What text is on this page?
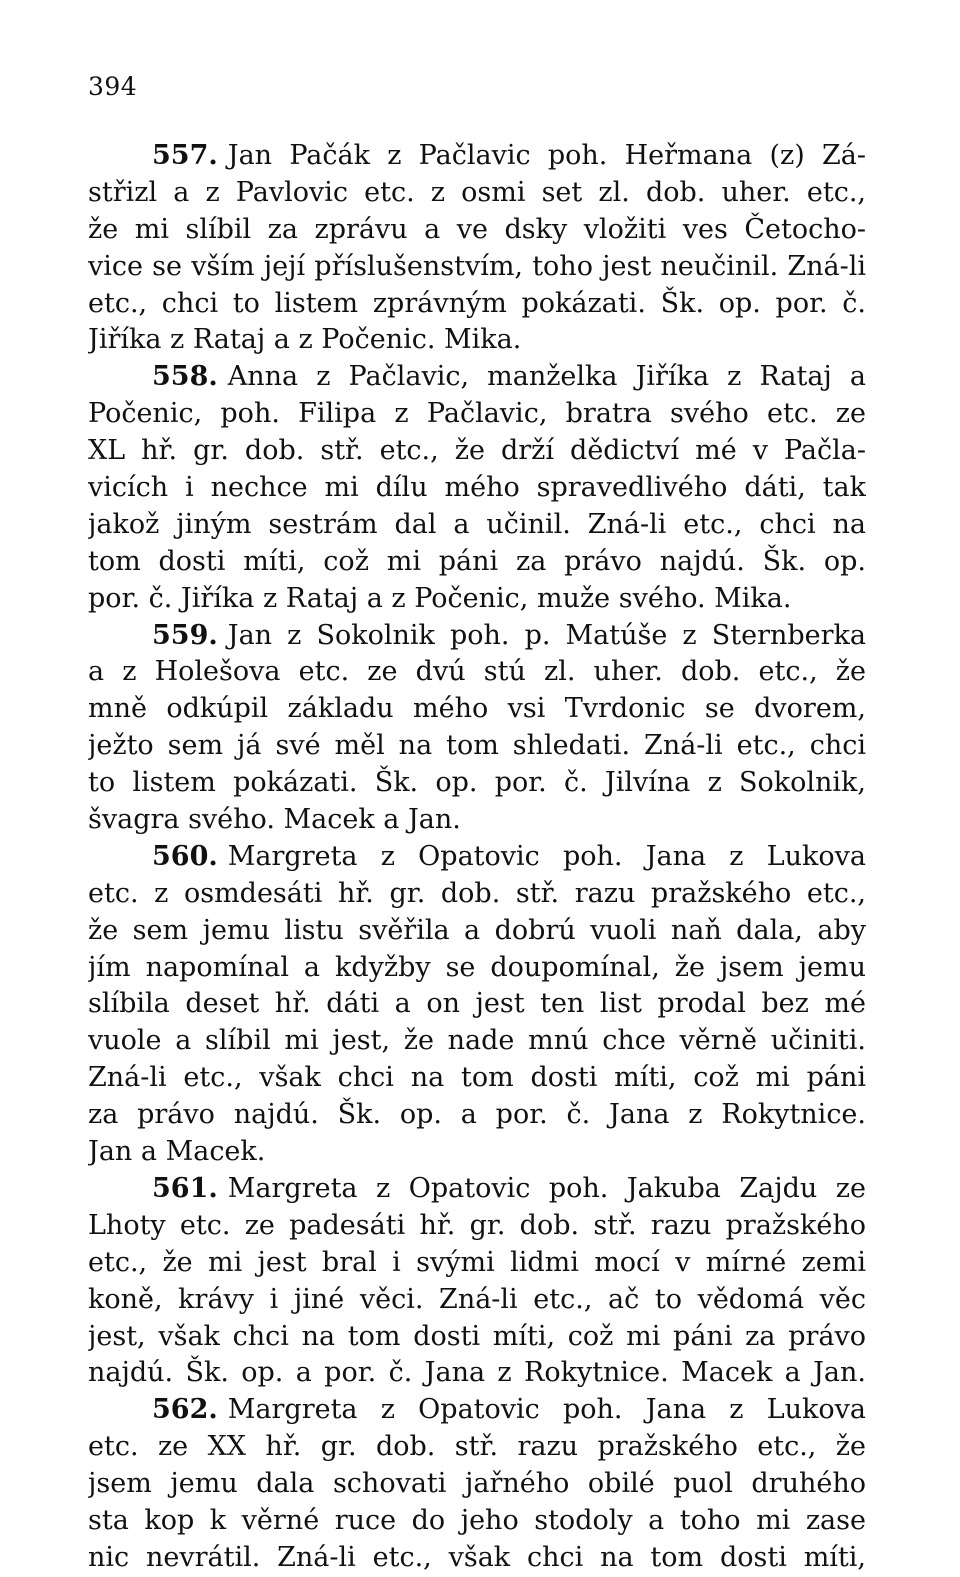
394
557. Jan Pačák z Pačlavic poh. Heřmana (z) Zá-
střizl a z Pavlovic etc. z osmi set zl. dob. uher. etc.,
že mi slíbil za zprávu a ve dsky vložiti ves Četocho-
vice se vším její příslušenstvím, toho jest neučinil. Zná-li
etc., chci to listem zprávným pokázati. Šk. op. por. č.
Jiříka z Rataj a z Počenic. Mika.
558. Anna z Pačlavic, manželka Jiříka z Rataj a
Počenic, poh. Filipa z Pačlavic, bratra svého etc. ze
XL hř. gr. dob. stř. etc., že drží dědictví mé v Pačla-
vicích i nechce mi dílu mého spravedlivého dáti, tak
jakož jiným sestrám dal a učinil. Zná-li etc., chci na
tom dosti míti, což mi páni za právo najdú. Šk. op.
por. č. Jiříka z Rataj a z Počenic, muže svého. Mika.
559. Jan z Sokolnik poh. p. Matúše z Sternberka
a z Holešova etc. ze dvú stú zl. uher. dob. etc., že
mně odkúpil základu mého vsi Tvrdonic se dvorem,
ježto sem já své měl na tom shledati. Zná-li etc., chci
to listem pokázati. Šk. op. por. č. Jilvína z Sokolnik,
švagra svého. Macek a Jan.
560. Margreta z Opatovic poh. Jana z Lukova
etc. z osmdesáti hř. gr. dob. stř. razu pražského etc.,
že sem jemu listu svěřila a dobrú vuoli naň dala, aby
jím napomínal a kdyžby se doupomínal, že jsem jemu
slíbila deset hř. dáti a on jest ten list prodal bez mé
vuole a slíbil mi jest, že nade mnú chce věrně učiniti.
Zná-li etc., však chci na tom dosti míti, což mi páni
za právo najdú. Šk. op. a por. č. Jana z Rokytnice.
Jan a Macek.
561. Margreta z Opatovic poh. Jakuba Zajdu ze
Lhoty etc. ze padesáti hř. gr. dob. stř. razu pražského
etc., že mi jest bral i svými lidmi mocí v mírné zemi
koně, krávy i jiné věci. Zná-li etc., ač to vědomá věc
jest, však chci na tom dosti míti, což mi páni za právo
najdú. Šk. op. a por. č. Jana z Rokytnice. Macek a Jan.
562. Margreta z Opatovic poh. Jana z Lukova
etc. ze XX hř. gr. dob. stř. razu pražského etc., že
jsem jemu dala schovati jařného obilé puol druhého
sta kop k věrné ruce do jeho stodoly a toho mi zase
nic nevrátil. Zná-li etc., však chci na tom dosti míti,
